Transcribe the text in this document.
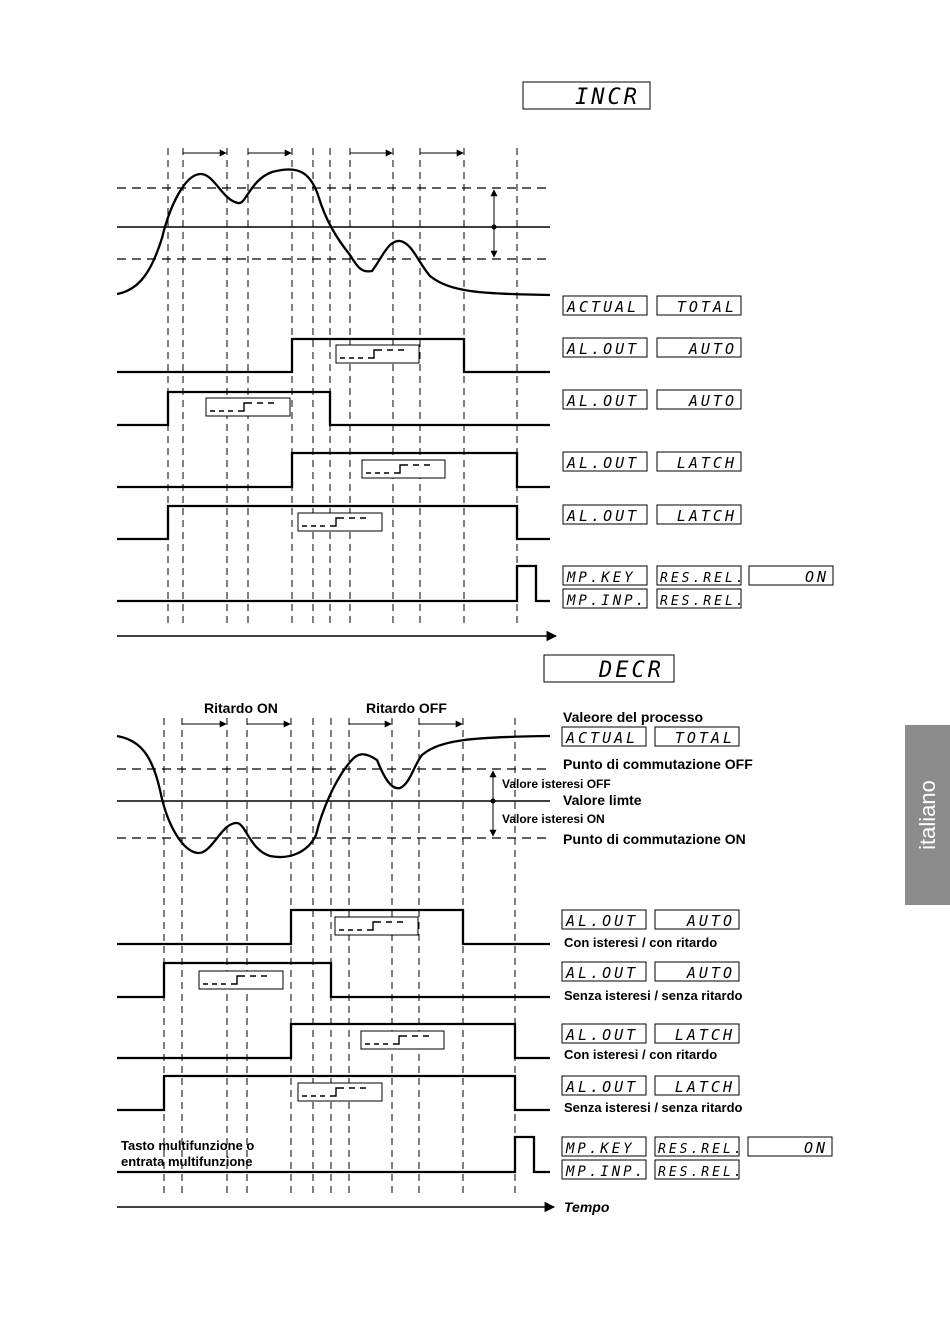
INCR
ACTUAL	TOTAL
AL.OUT	AUTO
AL.OUT	AUTO
AL.OUT	LATCH
AL.OUT	LATCH
MP.KEY RES.REL.	ON
MP.INP. RES.REL.
DECR
Ritardo ON	Ritardo OFF
Valeore del processo
ACTUAL TOTAL
Punto di commutazione OFF
Valore isteresi OFF
Valore limte
Valore isteresi ON
Punto di commutazione ON
AL.OUT	AUTO
Con isteresi / con ritardo
AL.OUT	AUTO
Senza isteresi / senza ritardo
AL.OUT LATCH
Con isteresi / con ritardo
AL.OUT LATCH
Senza isteresi / senza ritardo
MP.KEY RES.REL.	ON
MP.INP. RES.REL.
Tasto multifunzione o
entrata multifunzione
Tempo
italiano
